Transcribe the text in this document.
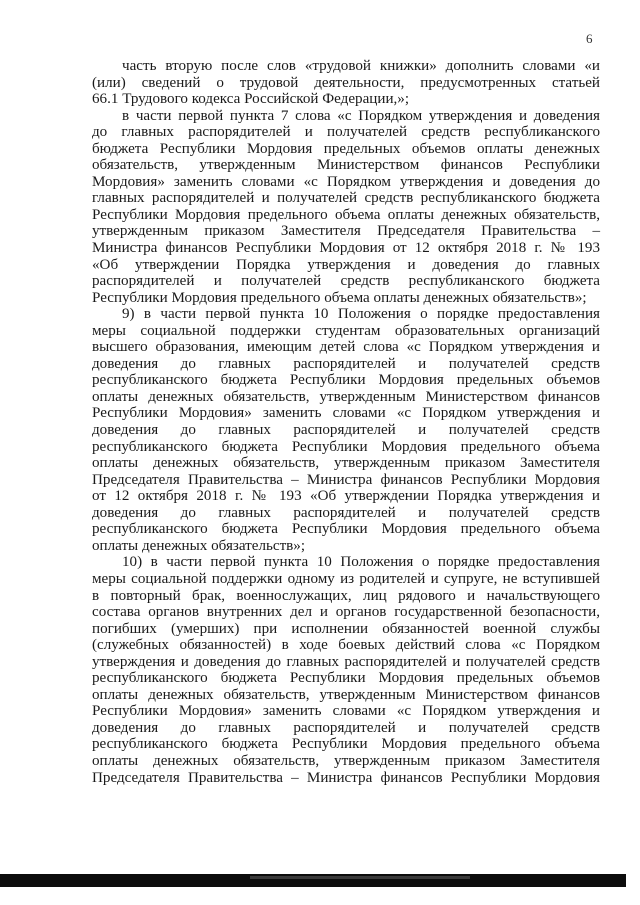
6
часть вторую после слов «трудовой книжки» дополнить словами «и
(или) сведений о трудовой деятельности, предусмотренных статьей
66.1 Трудового кодекса Российской Федерации,»;
в части первой пункта 7 слова «с Порядком утверждения и доведения
до главных распорядителей и получателей средств республиканского
бюджета Республики Мордовия предельных объемов оплаты денежных
обязательств, утвержденным Министерством финансов Республики
Мордовия» заменить словами «с Порядком утверждения и доведения до
главных распорядителей и получателей средств республиканского бюджета
Республики Мордовия предельного объема оплаты денежных обязательств,
утвержденным приказом Заместителя Председателя Правительства –
Министра финансов Республики Мордовия от 12 октября 2018 г. № 193
«Об утверждении Порядка утверждения и доведения до главных
распорядителей и получателей средств республиканского бюджета
Республики Мордовия предельного объема оплаты денежных обязательств»;
9) в части первой пункта 10 Положения о порядке предоставления
меры социальной поддержки студентам образовательных организаций
высшего образования, имеющим детей слова «с Порядком утверждения и
доведения до главных распорядителей и получателей средств
республиканского бюджета Республики Мордовия предельных объемов
оплаты денежных обязательств, утвержденным Министерством финансов
Республики Мордовия» заменить словами «с Порядком утверждения и
доведения до главных распорядителей и получателей средств
республиканского бюджета Республики Мордовия предельного объема
оплаты денежных обязательств, утвержденным приказом Заместителя
Председателя Правительства – Министра финансов Республики Мордовия
от 12 октября 2018 г. № 193 «Об утверждении Порядка утверждения и
доведения до главных распорядителей и получателей средств
республиканского бюджета Республики Мордовия предельного объема
оплаты денежных обязательств»;
10) в части первой пункта 10 Положения о порядке предоставления
меры социальной поддержки одному из родителей и супруге, не вступившей
в повторный брак, военнослужащих, лиц рядового и начальствующего
состава органов внутренних дел и органов государственной безопасности,
погибших (умерших) при исполнении обязанностей военной службы
(служебных обязанностей) в ходе боевых действий слова «с Порядком
утверждения и доведения до главных распорядителей и получателей средств
республиканского бюджета Республики Мордовия предельных объемов
оплаты денежных обязательств, утвержденным Министерством финансов
Республики Мордовия» заменить словами «с Порядком утверждения и
доведения до главных распорядителей и получателей средств
республиканского бюджета Республики Мордовия предельного объема
оплаты денежных обязательств, утвержденным приказом Заместителя
Председателя Правительства – Министра финансов Республики Мордовия
